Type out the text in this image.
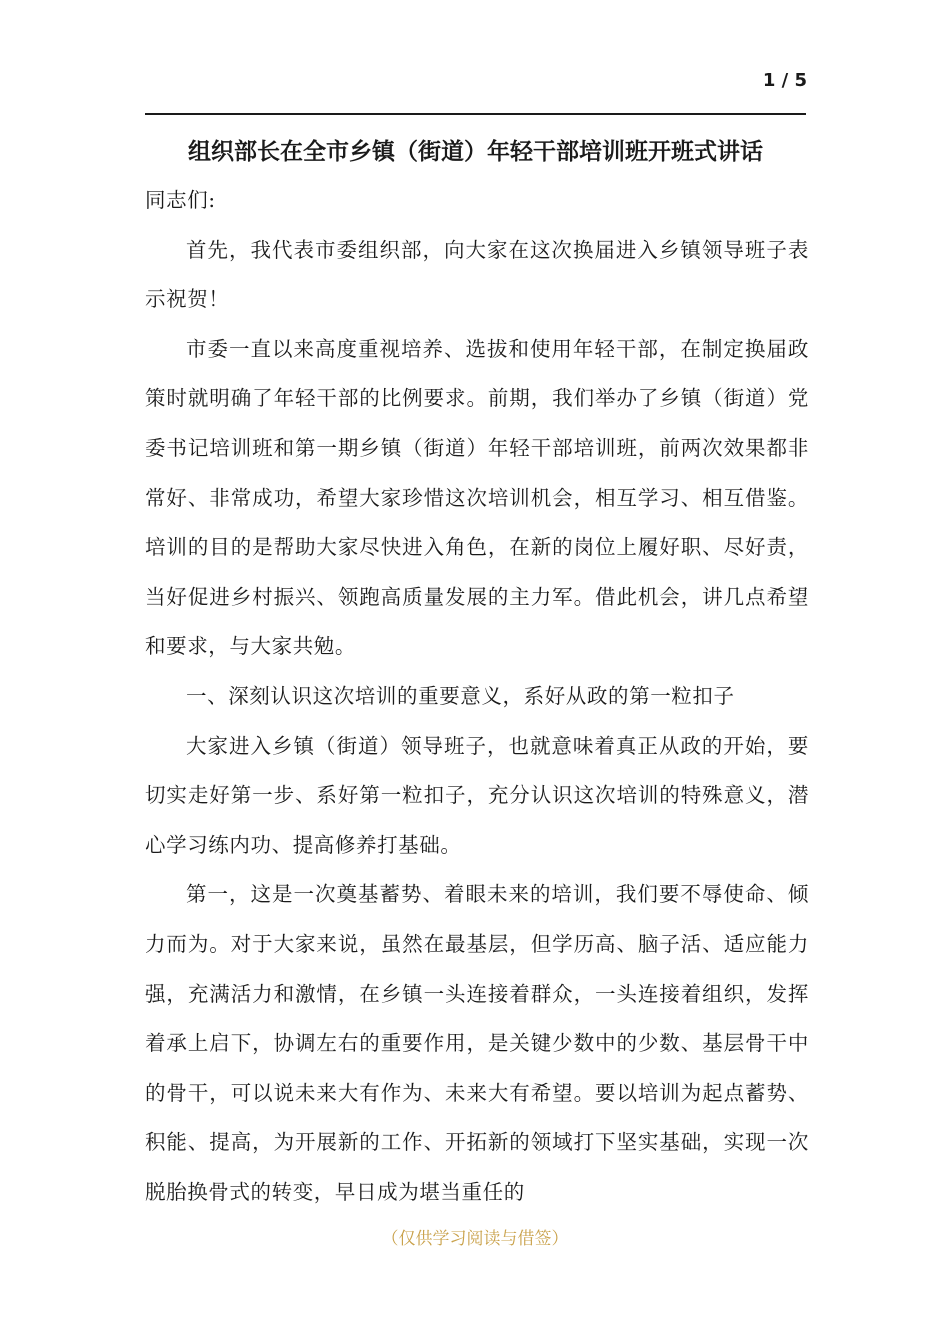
1 / 5
组织部长在全市乡镇（街道）年轻干部培训班开班式讲话

同志们:

首先，我代表市委组织部，向大家在这次换届进入乡镇领导班子表示祝贺！

市委一直以来高度重视培养、选拔和使用年轻干部，在制定换届政策时就明确了年轻干部的比例要求。前期，我们举办了乡镇（街道）党委书记培训班和第一期乡镇（街道）年轻干部培训班，前两次效果都非常好、非常成功，希望大家珍惜这次培训机会，相互学习、相互借鉴。培训的目的是帮助大家尽快进入角色，在新的岗位上履好职、尽好责，当好促进乡村振兴、领跑高质量发展的主力军。借此机会，讲几点希望和要求，与大家共勉。

一、深刻认识这次培训的重要意义，系好从政的第一粒扣子

大家进入乡镇（街道）领导班子，也就意味着真正从政的开始，要切实走好第一步、系好第一粒扣子，充分认识这次培训的特殊意义，潜心学习练内功、提高修养打基础。

第一，这是一次奠基蓄势、着眼未来的培训，我们要不辱使命、倾力而为。对于大家来说，虽然在最基层，但学历高、脑子活、适应能力强，充满活力和激情，在乡镇一头连接着群众，一头连接着组织，发挥着承上启下，协调左右的重要作用，是关键少数中的少数、基层骨干中的骨干，可以说未来大有作为、未来大有希望。要以培训为起点蓄势、积能、提高，为开展新的工作、开拓新的领域打下坚实基础，实现一次脱胎换骨式的转变，早日成为堪当重任的

（仅供学习阅读与借签）
